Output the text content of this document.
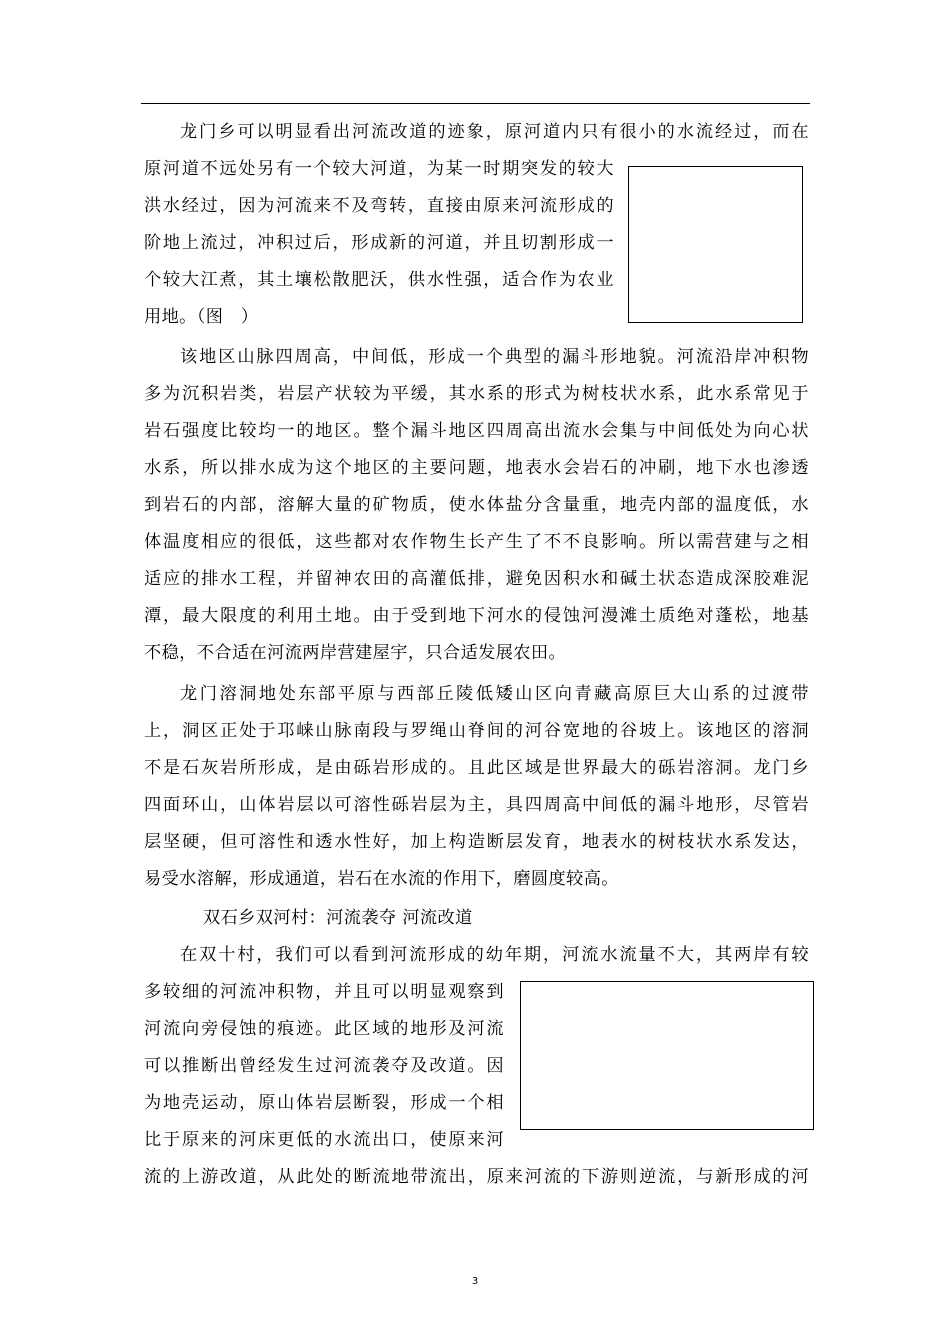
龙门乡可以明显看出河流改道的迹象，原河道内只有很小的水流经过，而在
原河道不远处另有一个较大河道，为某一时期突发的较大
洪水经过，因为河流来不及弯转，直接由原来河流形成的
阶地上流过，冲积过后，形成新的河道，并且切割形成一
个较大江煮，其土壤松散肥沃，供水性强，适合作为农业
用地。（图　）
该地区山脉四周高，中间低，形成一个典型的漏斗形地貌。河流沿岸冲积物
多为沉积岩类，岩层产状较为平缓，其水系的形式为树枝状水系，此水系常见于
岩石强度比较均一的地区。整个漏斗地区四周高出流水会集与中间低处为向心状
水系，所以排水成为这个地区的主要问题，地表水会岩石的冲刷，地下水也渗透
到岩石的内部，溶解大量的矿物质，使水体盐分含量重，地壳内部的温度低，水
体温度相应的很低，这些都对农作物生长产生了不不良影响。所以需营建与之相
适应的排水工程，并留神农田的高灌低排，避免因积水和碱土状态造成深胶难泥
潭，最大限度的利用土地。由于受到地下河水的侵蚀河漫滩土质绝对蓬松，地基
不稳，不合适在河流两岸营建屋宇，只合适发展农田。
龙门溶洞地处东部平原与西部丘陵低矮山区向青藏高原巨大山系的过渡带
上，洞区正处于邛崃山脉南段与罗绳山脊间的河谷宽地的谷坡上。该地区的溶洞
不是石灰岩所形成，是由砾岩形成的。且此区域是世界最大的砾岩溶洞。龙门乡
四面环山，山体岩层以可溶性砾岩层为主，具四周高中间低的漏斗地形，尽管岩
层坚硬，但可溶性和透水性好，加上构造断层发育，地表水的树枝状水系发达，
易受水溶解，形成通道，岩石在水流的作用下，磨圆度较高。
双石乡双河村：河流袭夺 河流改道
在双十村，我们可以看到河流形成的幼年期，河流水流量不大，其两岸有较
多较细的河流冲积物，并且可以明显观察到
河流向旁侵蚀的痕迹。此区域的地形及河流
可以推断出曾经发生过河流袭夺及改道。因
为地壳运动，原山体岩层断裂，形成一个相
比于原来的河床更低的水流出口，使原来河
流的上游改道，从此处的断流地带流出，原来河流的下游则逆流，与新形成的河
3
